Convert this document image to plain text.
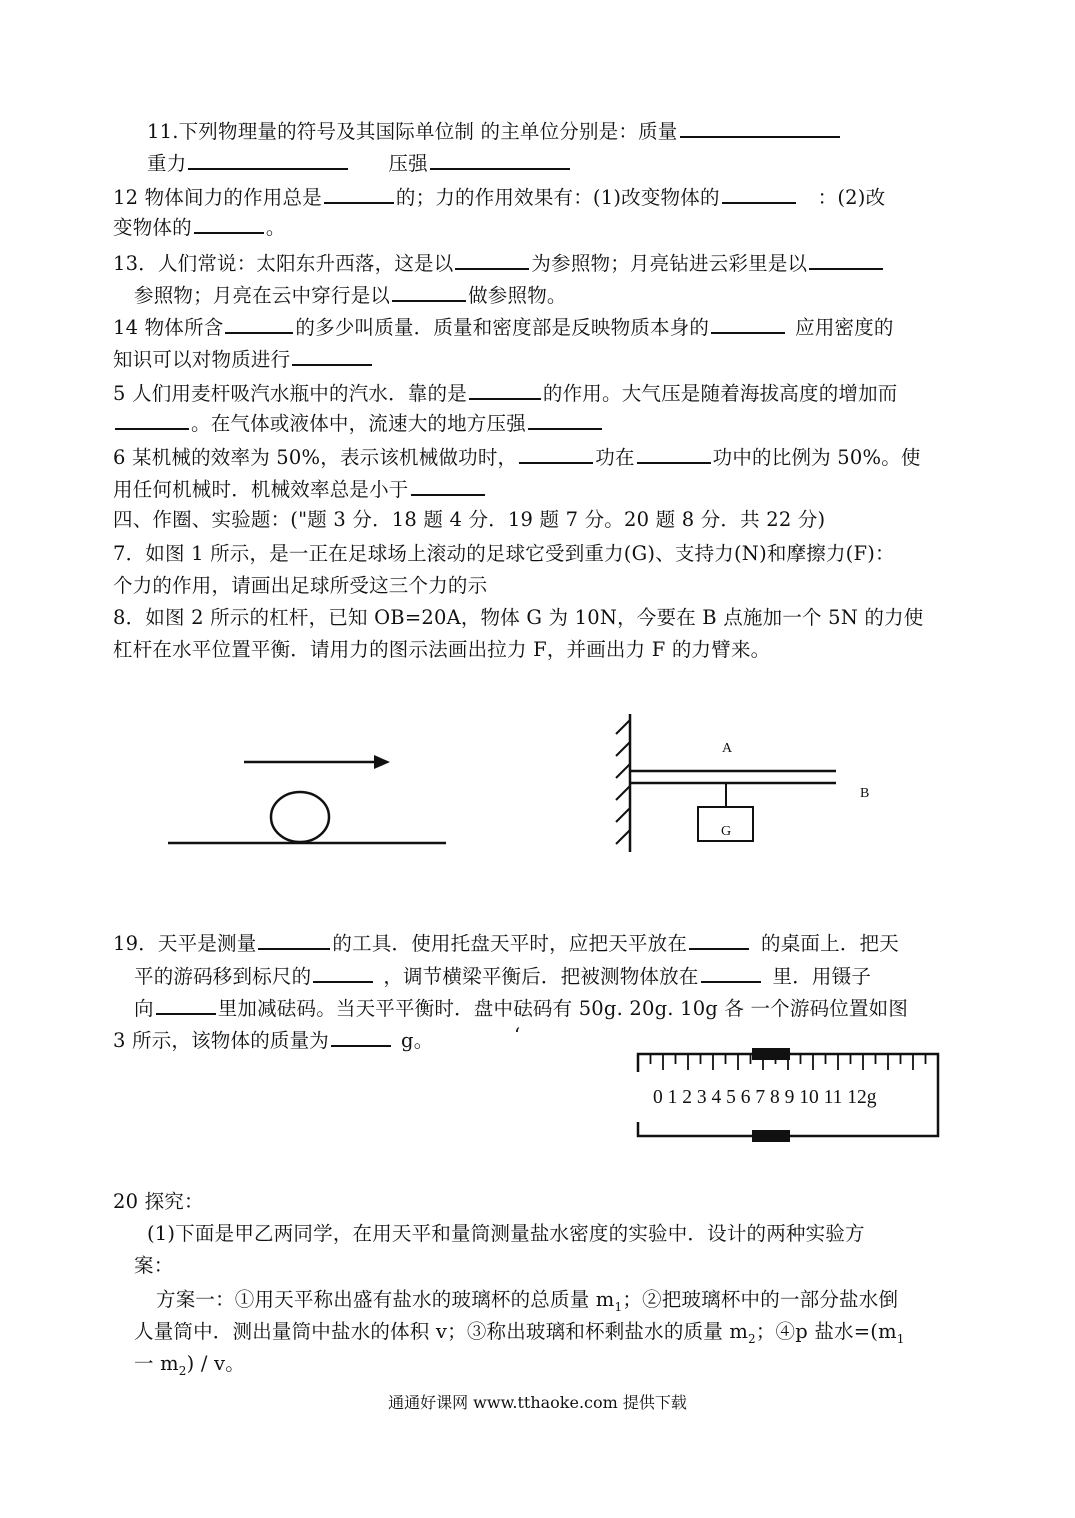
11.下列物理量的符号及其国际单位制 的主单位分别是：质量
重力	压强
12 物体间力的作用总是	的；力的作用效果有：(1)改变物体的	：(2)改
变物体的	。
13．人们常说：太阳东升西落，这是以	为参照物；月亮钻进云彩里是以
参照物；月亮在云中穿行是以	做参照物。
14 物体所含	的多少叫质量．质量和密度部是反映物质本身的	应用密度的
知识可以对物质进行
5 人们用麦杆吸汽水瓶中的汽水．靠的是	的作用。大气压是随着海拔高度的增加而
。在气体或液体中，流速大的地方压强
6 某机械的效率为 50%，表示该机械做功时，	功在	功中的比例为 50%。使
用任何机械时．机械效率总是小于
四、作圈、实验题：("题 3 分．18 题 4 分．19 题 7 分。20 题 8 分．共 22 分)
7．如图 1 所示，是一正在足球场上滚动的足球它受到重力(G)、支持力(N)和摩擦力(F)：
个力的作用，请画出足球所受这三个力的示
8．如图 2 所示的杠杆，已知 OB=20A，物体 G 为 10N，今要在 B 点施加一个 5N 的力使
杠杆在水平位置平衡．请用力的图示法画出拉力 F，并画出力 F 的力臂来。
G
A
B
19．天平是测量	的工具．使用托盘天平时，应把天平放在	的桌面上．把天
平的游码移到标尺的	，调节横梁平衡后．把被测物体放在	里．用镊子
向	里加减砝码。当天平平衡时．盘中砝码有 50g. 20g. 10g 各 一个游码位置如图
3 所示，该物体的质量为	g。	‘
0 1 2 3 4 5 6 7 8 9 10 11 12g
20 探究：
(1)下面是甲乙两同学，在用天平和量筒测量盐水密度的实验中．设计的两种实验方
案：
方案一：①用天平称出盛有盐水的玻璃杯的总质量 $m_1$；②把玻璃杯中的一部分盐水倒
人量筒中．测出量筒中盐水的体积 v；③称出玻璃和杯剩盐水的质量 $m_2$；④p 盐水$=(m_1$
一 $m_2$) / v。
通通好课网 www.tthaoke.com 提供下载
